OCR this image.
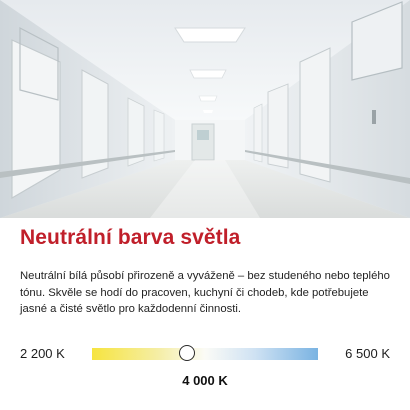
Neutrální barva světla

Neutrální bílá působí přirozeně a vyváženě – bez studeného nebo teplého tónu. Skvěle se hodí do pracoven, kuchyní či chodeb, kde potřebujete jasné a čisté světlo pro každodenní činnosti.

2 200 K	6 500 K
4 000 K
